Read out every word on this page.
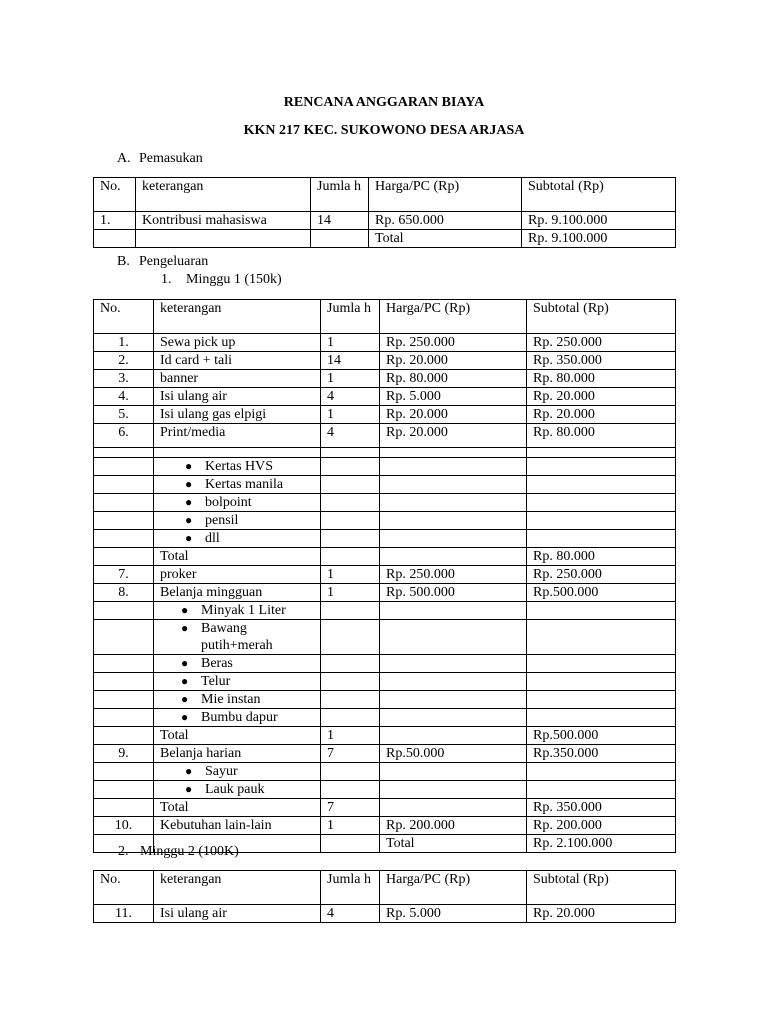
RENCANA ANGGARAN BIAYA
KKN 217 KEC. SUKOWONO DESA ARJASA
A. Pemasukan
No.	keterangan	Jumla h	Harga/PC (Rp)	Subtotal (Rp)
1.	Kontribusi mahasiswa	14	Rp. 650.000	Rp. 9.100.000
			Total	Rp. 9.100.000
B. Pengeluaran
1. Minggu 1 (150k)
No.	keterangan	Jumla h	Harga/PC (Rp)	Subtotal (Rp)
1.	Sewa pick up	1	Rp. 250.000	Rp. 250.000
2.	Id card + tali	14	Rp. 20.000	Rp. 350.000
3.	banner	1	Rp. 80.000	Rp. 80.000
4.	Isi ulang air	4	Rp. 5.000	Rp. 20.000
5.	Isi ulang gas elpigi	1	Rp. 20.000	Rp. 20.000
6.	Print/media	4	Rp. 20.000	Rp. 80.000

	● Kertas HVS			

	● Kertas manila			

	● bolpoint			

	● pensil			

	● dll			

	Total			Rp. 80.000
7.	proker	1	Rp. 250.000	Rp. 250.000
8.	Belanja mingguan	1	Rp. 500.000	Rp.500.000

	● Minyak 1 Liter			

	● Bawang putih+merah			

	● Beras			

	● Telur			

	● Mie instan			

	● Bumbu dapur			

	Total	1		Rp.500.000
9.	Belanja harian	7	Rp.50.000	Rp.350.000

	● Sayur			

	● Lauk pauk			

	Total	7		Rp. 350.000
10.	Kebutuhan lain-lain	1	Rp. 200.000	Rp. 200.000
			Total	Rp. 2.100.000
2. Minggu 2 (100K)
No.	keterangan	Jumla h	Harga/PC (Rp)	Subtotal (Rp)
11.	Isi ulang air	4	Rp. 5.000	Rp. 20.000
